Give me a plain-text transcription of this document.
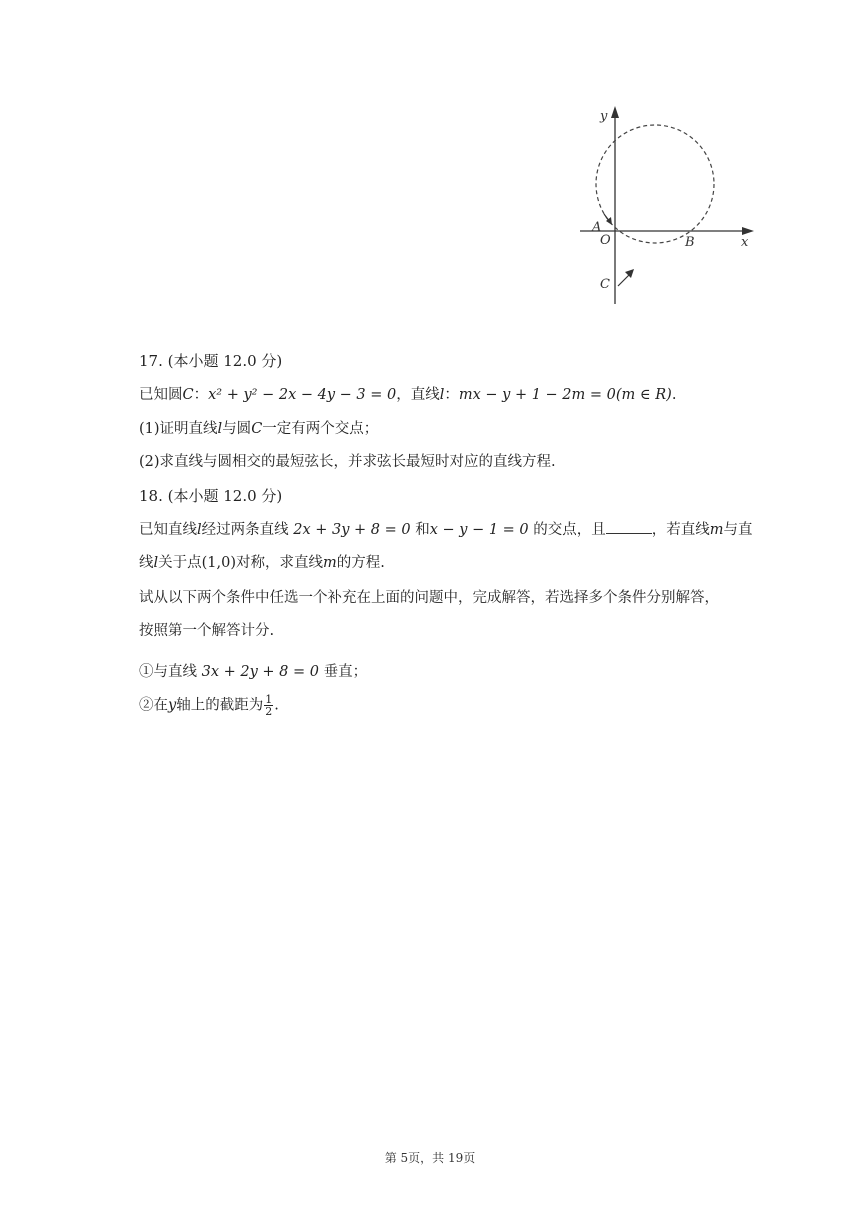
y
x
A
O	B
C
17. (本小题 12.0 分)
已知圆C：x² + y² − 2x − 4y − 3 = 0，直线l：mx − y + 1 − 2m = 0(m ∈ R).
(1)证明直线l与圆C一定有两个交点；
(2)求直线与圆相交的最短弦长，并求弦长最短时对应的直线方程.
18. (本小题 12.0 分)
已知直线l经过两条直线 2x + 3y + 8 = 0 和x − y − 1 = 0 的交点，且	，若直线m与直
线l关于点(1,0)对称，求直线m的方程.
试从以下两个条件中任选一个补充在上面的问题中，完成解答，若选择多个条件分别解答，
按照第一个解答计分.
①与直线 3x + 2y + 8 = 0 垂直；
②在y轴上的截距为 $\frac{1}{2}$ .
第 5页，共 19页
